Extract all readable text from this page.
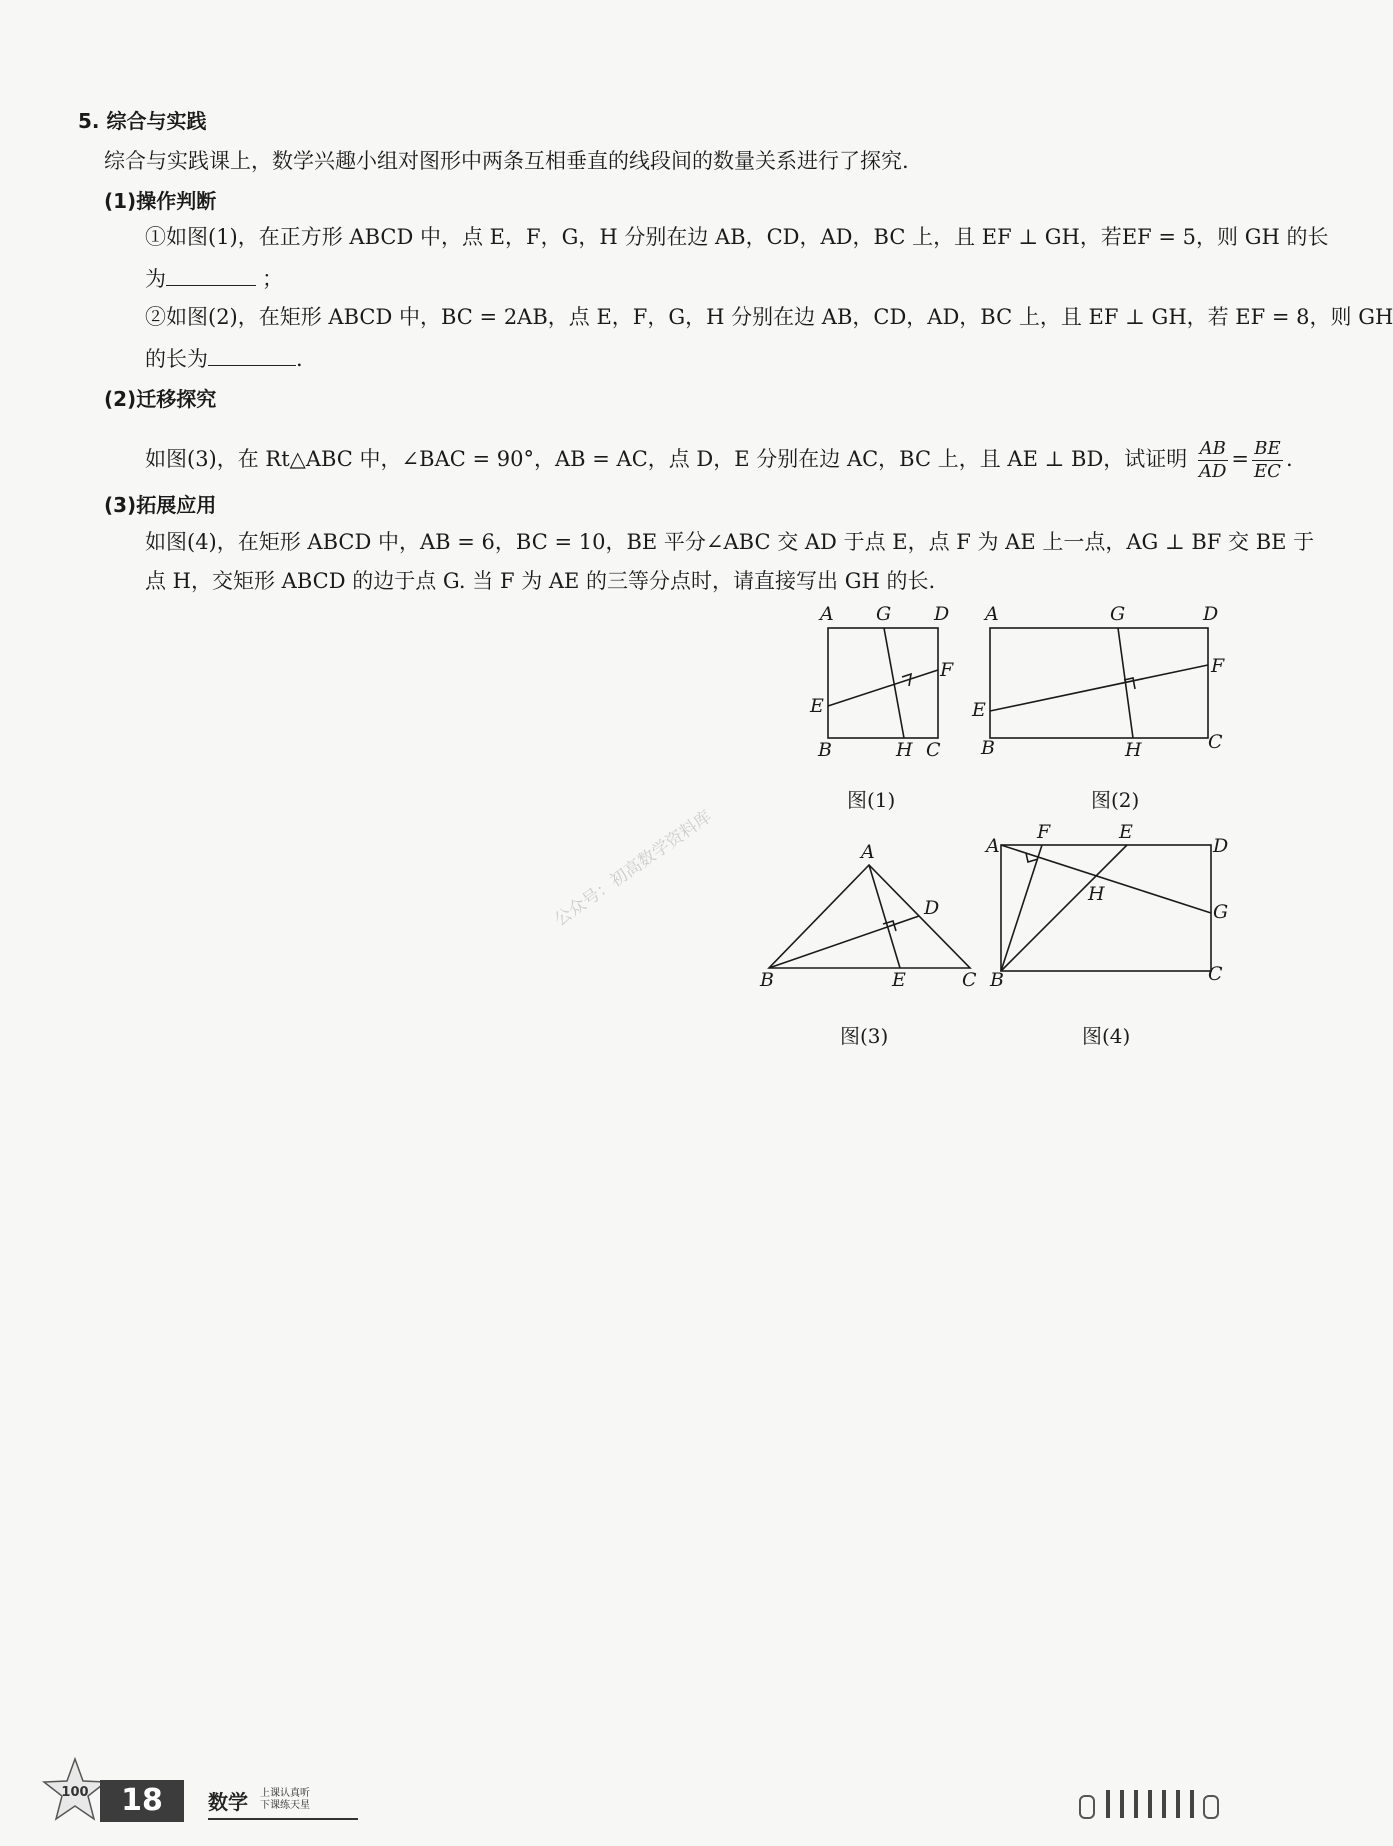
5. 综合与实践
综合与实践课上，数学兴趣小组对图形中两条互相垂直的线段间的数量关系进行了探究.
(1)操作判断
①如图(1)，在正方形 ABCD 中，点 E，F，G，H 分别在边 AB，CD，AD，BC 上，且 EF ⊥ GH，若EF = 5，则 GH 的长
为	；
②如图(2)，在矩形 ABCD 中，BC = 2AB，点 E，F，G，H 分别在边 AB，CD，AD，BC 上，且 EF ⊥ GH，若 EF = 8，则 GH
的长为	.
(2)迁移探究
如图(3)，在 Rt△ABC 中，∠BAC = 90°，AB = AC，点 D，E 分别在边 AC，BC 上，且 AE ⊥ BD，试证明 $\frac{AB}{AD} = \frac{BE}{EC}$ .
(3)拓展应用
如图(4)，在矩形 ABCD 中，AB = 6，BC = 10，BE 平分∠ABC 交 AD 于点 E，点 F 为 AE 上一点，AG ⊥ BF 交 BE 于
点 H，交矩形 ABCD 的边于点 G. 当 F 为 AE 的三等分点时，请直接写出 GH 的长.
A G D
F
E
B	H C
A	G	D
F
E
B	H	C
A
D
B	E	C
A
F	E
D
H
G
B	C
图(1)	图(2)
图(3)	图(4)
公众号：初高数学资料库
100	18	数学 上课认真听
下课练天星
